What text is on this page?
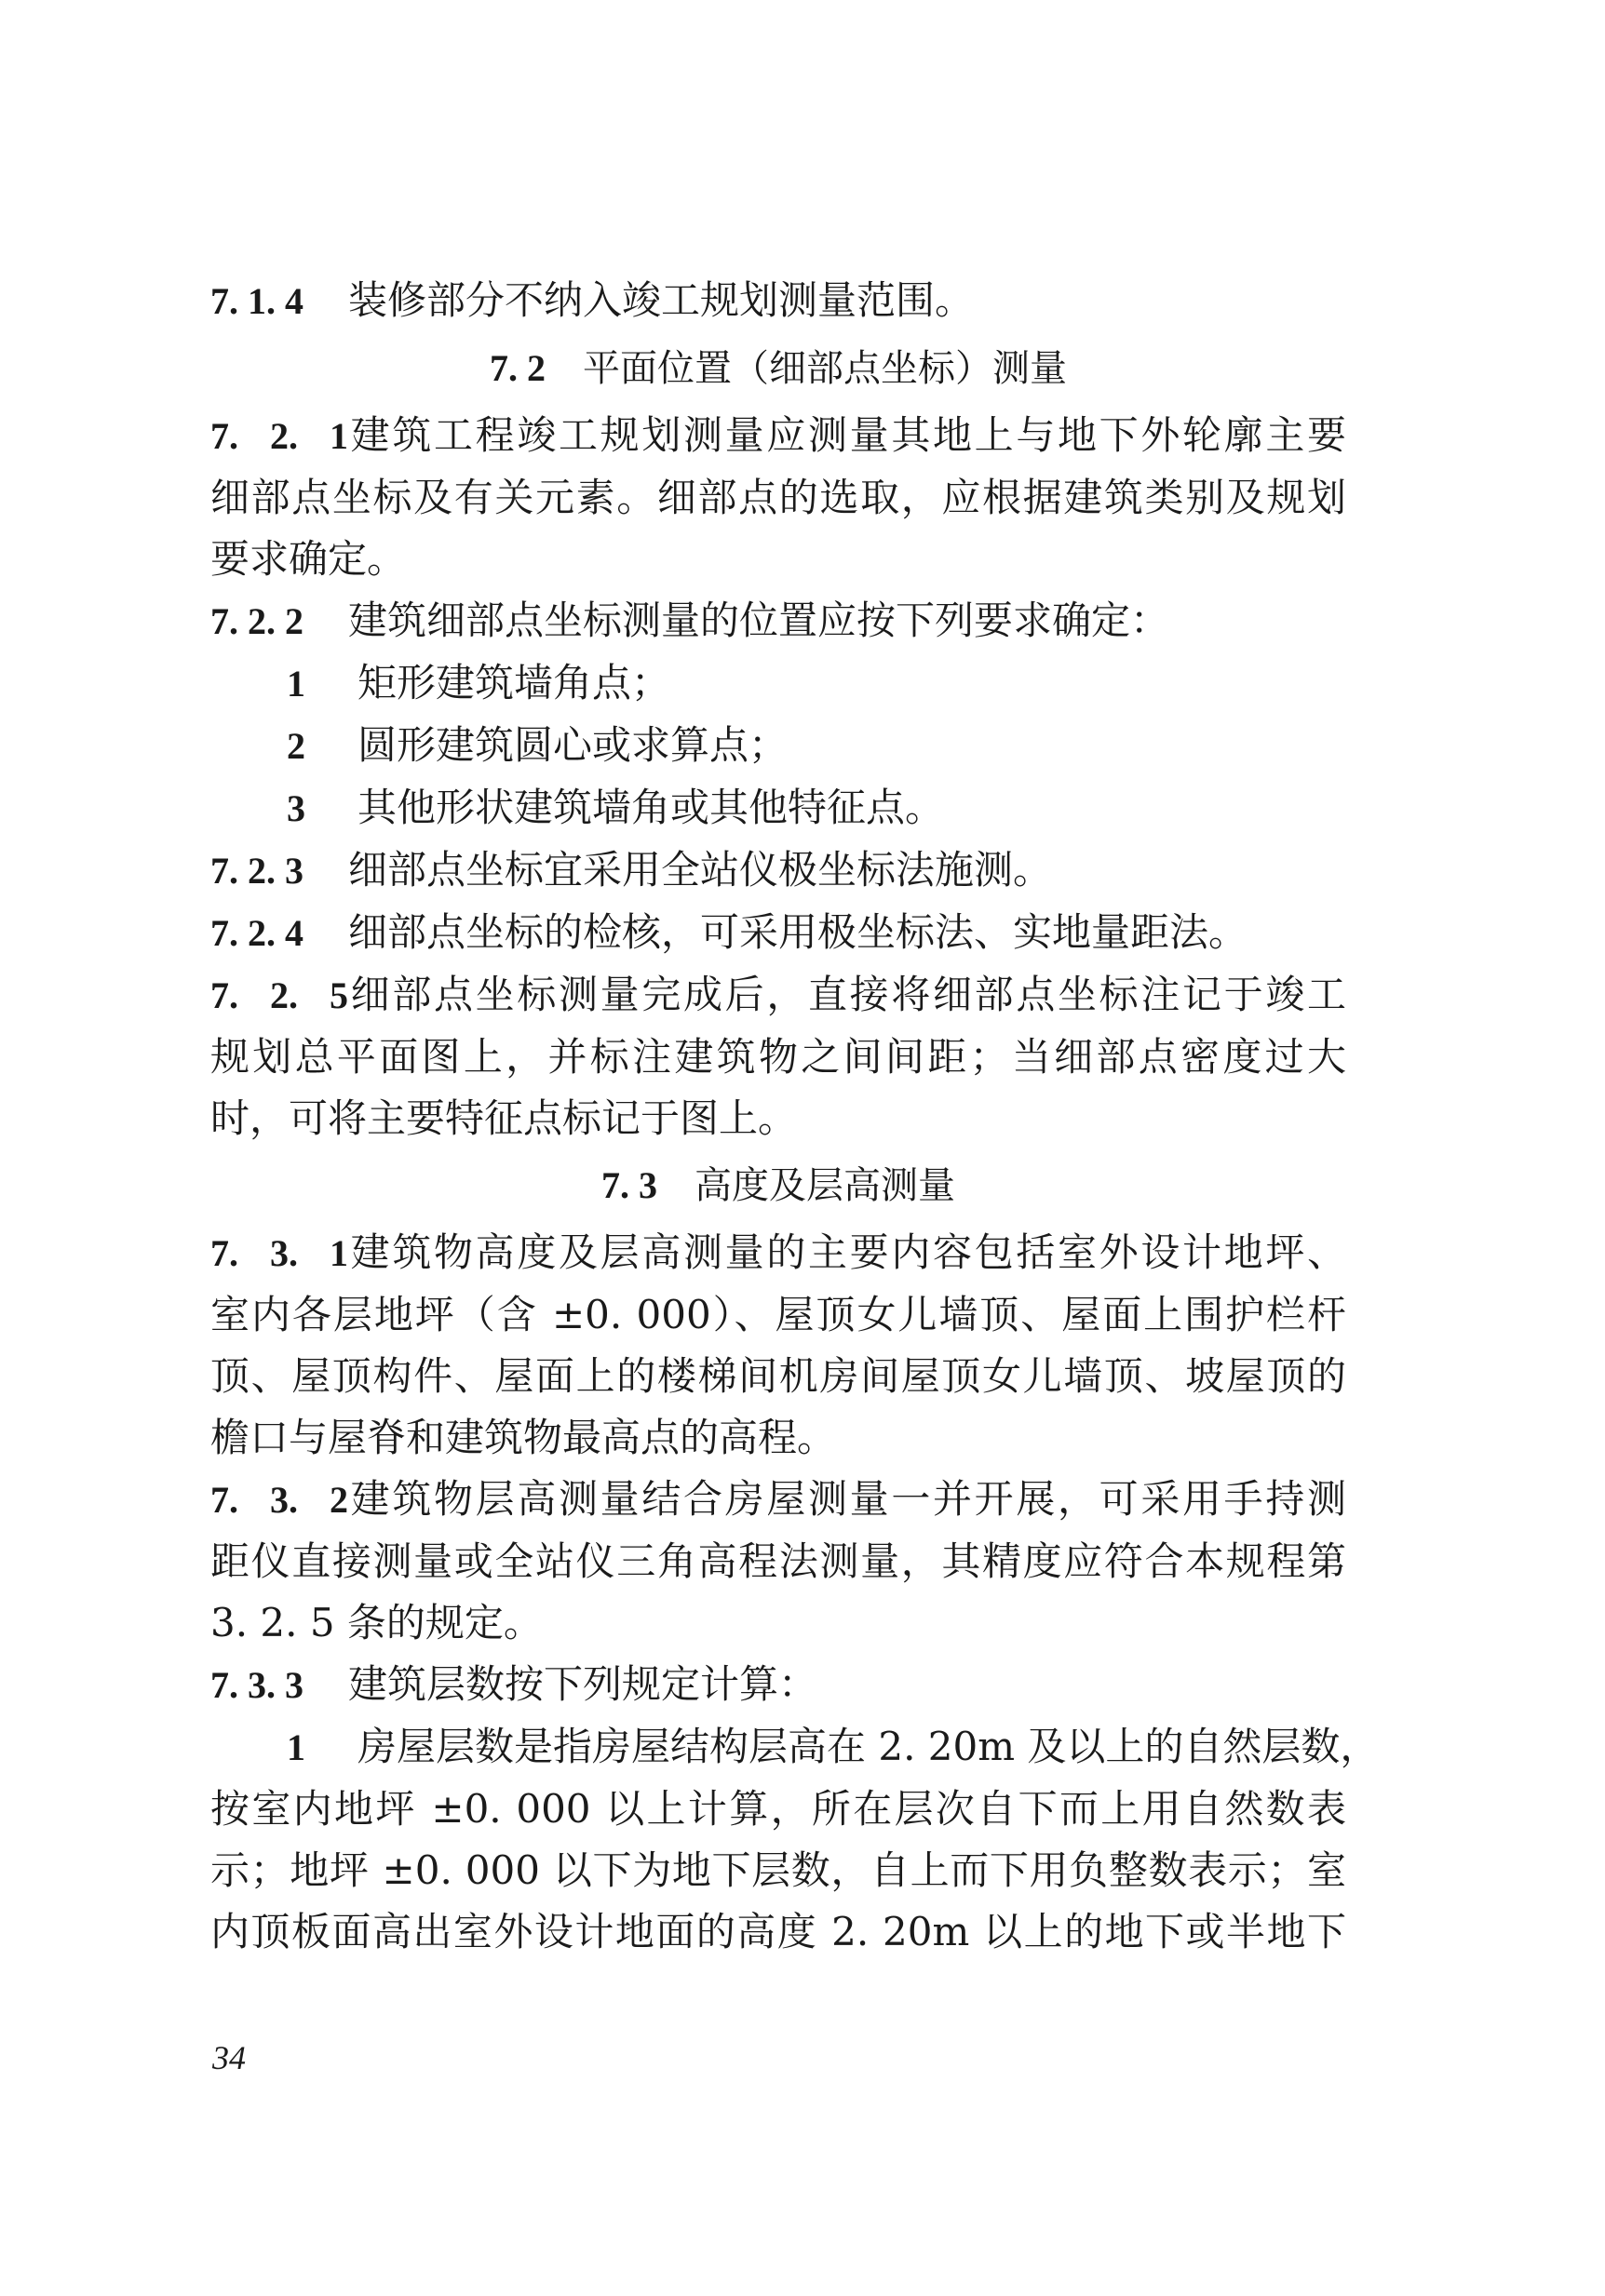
7. 1. 4 装修部分不纳入竣工规划测量范围。
7. 2 平面位置（细部点坐标）测量
7. 2. 1建筑工程竣工规划测量应测量其地上与地下外轮廓主要
细部点坐标及有关元素。细部点的选取，应根据建筑类别及规划
要求确定。
7. 2. 2 建筑细部点坐标测量的位置应按下列要求确定：
1 矩形建筑墙角点；
2 圆形建筑圆心或求算点；
3 其他形状建筑墙角或其他特征点。
7. 2. 3 细部点坐标宜采用全站仪极坐标法施测。
7. 2. 4 细部点坐标的检核，可采用极坐标法、实地量距法。
7. 2. 5细部点坐标测量完成后，直接将细部点坐标注记于竣工
规划总平面图上，并标注建筑物之间间距；当细部点密度过大
时，可将主要特征点标记于图上。
7. 3 高度及层高测量
7. 3. 1建筑物高度及层高测量的主要内容包括室外设计地坪、
室内各层地坪（含 ±0. 000）、屋顶女儿墙顶、屋面上围护栏杆
顶、屋顶构件、屋面上的楼梯间机房间屋顶女儿墙顶、坡屋顶的
檐口与屋脊和建筑物最高点的高程。
7. 3. 2建筑物层高测量结合房屋测量一并开展，可采用手持测
距仪直接测量或全站仪三角高程法测量，其精度应符合本规程第
3. 2. 5 条的规定。
7. 3. 3 建筑层数按下列规定计算：
1 房屋层数是指房屋结构层高在 2. 20m 及以上的自然层数，
按室内地坪 ±0. 000 以上计算，所在层次自下而上用自然数表
示；地坪 ±0. 000 以下为地下层数，自上而下用负整数表示；室
内顶板面高出室外设计地面的高度 2. 20m 以上的地下或半地下
34
